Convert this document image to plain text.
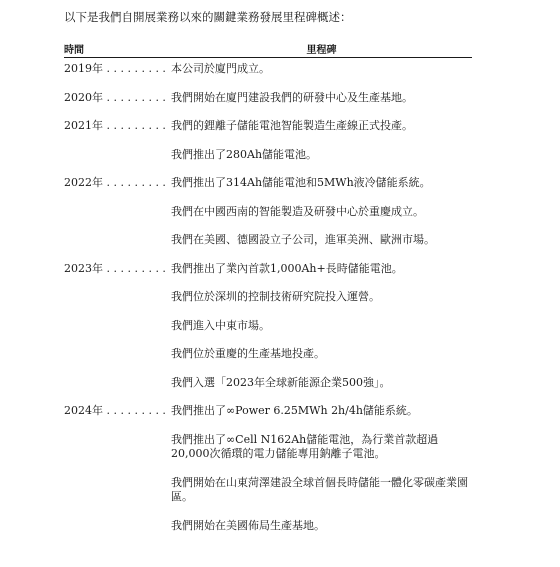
以下是我們自開展業務以來的關鍵業務發展里程碑概述：
時間	里程碑
2019年 . . . . . . . . . 本公司於廈門成立。
2020年 . . . . . . . . . 我們開始在廈門建設我們的研發中心及生產基地。
2021年 . . . . . . . . . 我們的鋰離子儲能電池智能製造生產線正式投產。
我們推出了280Ah儲能電池。
2022年 . . . . . . . . . 我們推出了314Ah儲能電池和5MWh液冷儲能系統。
我們在中國西南的智能製造及研發中心於重慶成立。
我們在美國、德國設立子公司，進軍美洲、歐洲市場。
2023年 . . . . . . . . . 我們推出了業內首款1,000Ah+長時儲能電池。
我們位於深圳的控制技術研究院投入運營。
我們進入中東市場。
我們位於重慶的生產基地投產。
我們入選「2023年全球新能源企業500強」。
2024年 . . . . . . . . . 我們推出了∞Power 6.25MWh 2h/4h儲能系統。
我們推出了∞Cell N162Ah儲能電池，為行業首款超過20,000次循環的電力儲能專用鈉離子電池。
我們開始在山東菏澤建設全球首個長時儲能一體化零碳產業園區。
我們開始在美國佈局生產基地。
